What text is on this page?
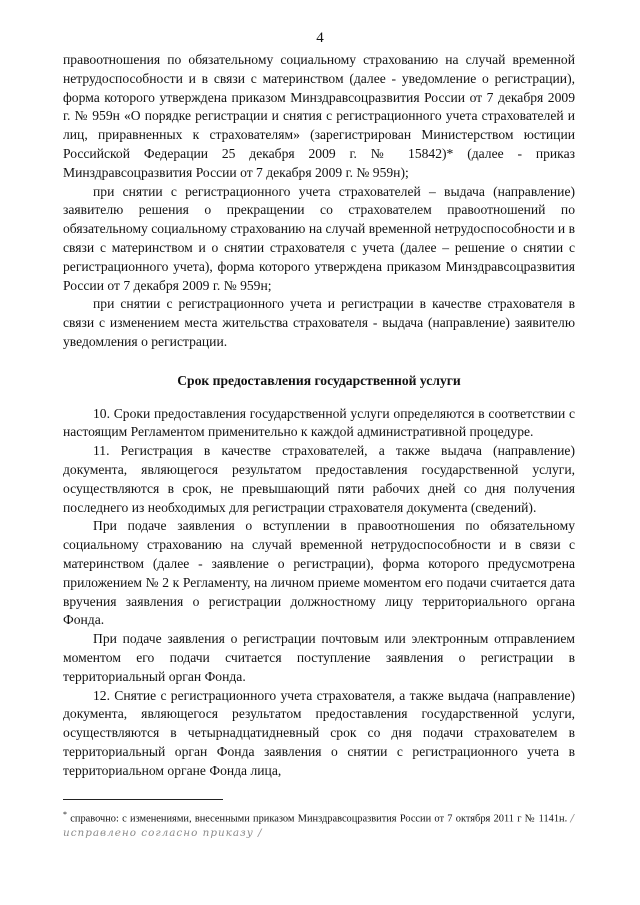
4

правоотношения по обязательному социальному страхованию на случай временной нетрудоспособности и в связи с материнством (далее - уведомление о регистрации), форма которого утверждена приказом Минздравсоцразвития России от 7 декабря 2009 г. № 959н «О порядке регистрации и снятия с регистрационного учета страхователей и лиц, приравненных к страхователям» (зарегистрирован Министерством юстиции Российской Федерации 25 декабря 2009 г. № 15842)* (далее - приказ Минздравсоцразвития России от 7 декабря 2009 г. № 959н);

при снятии с регистрационного учета страхователей – выдача (направление) заявителю решения о прекращении со страхователем правоотношений по обязательному социальному страхованию на случай временной нетрудоспособности и в связи с материнством и о снятии страхователя с учета (далее – решение о снятии с регистрационного учета), форма которого утверждена приказом Минздравсоцразвития России от 7 декабря 2009 г. № 959н;

при снятии с регистрационного учета и регистрации в качестве страхователя в связи с изменением места жительства страхователя - выдача (направление) заявителю уведомления о регистрации.

Срок предоставления государственной услуги

10. Сроки предоставления государственной услуги определяются в соответствии с настоящим Регламентом применительно к каждой административной процедуре.

11. Регистрация в качестве страхователей, а также выдача (направление) документа, являющегося результатом предоставления государственной услуги, осуществляются в срок, не превышающий пяти рабочих дней со дня получения последнего из необходимых для регистрации страхователя документа (сведений).

При подаче заявления о вступлении в правоотношения по обязательному социальному страхованию на случай временной нетрудоспособности и в связи с материнством (далее - заявление о регистрации), форма которого предусмотрена приложением № 2 к Регламенту, на личном приеме моментом его подачи считается дата вручения заявления о регистрации должностному лицу территориального органа Фонда.

При подаче заявления о регистрации почтовым или электронным отправлением моментом его подачи считается поступление заявления о регистрации в территориальный орган Фонда.

12. Снятие с регистрационного учета страхователя, а также выдача (направление) документа, являющегося результатом предоставления государственной услуги, осуществляются в четырнадцатидневный срок со дня подачи страхователем в территориальный орган Фонда заявления о снятии с регистрационного учета в территориальном органе Фонда лица,

* справочно: с изменениями, внесенными приказом Минздравсоцразвития России от 7 октября 2011 г № 1141н. / исправлено согласно приказу /
